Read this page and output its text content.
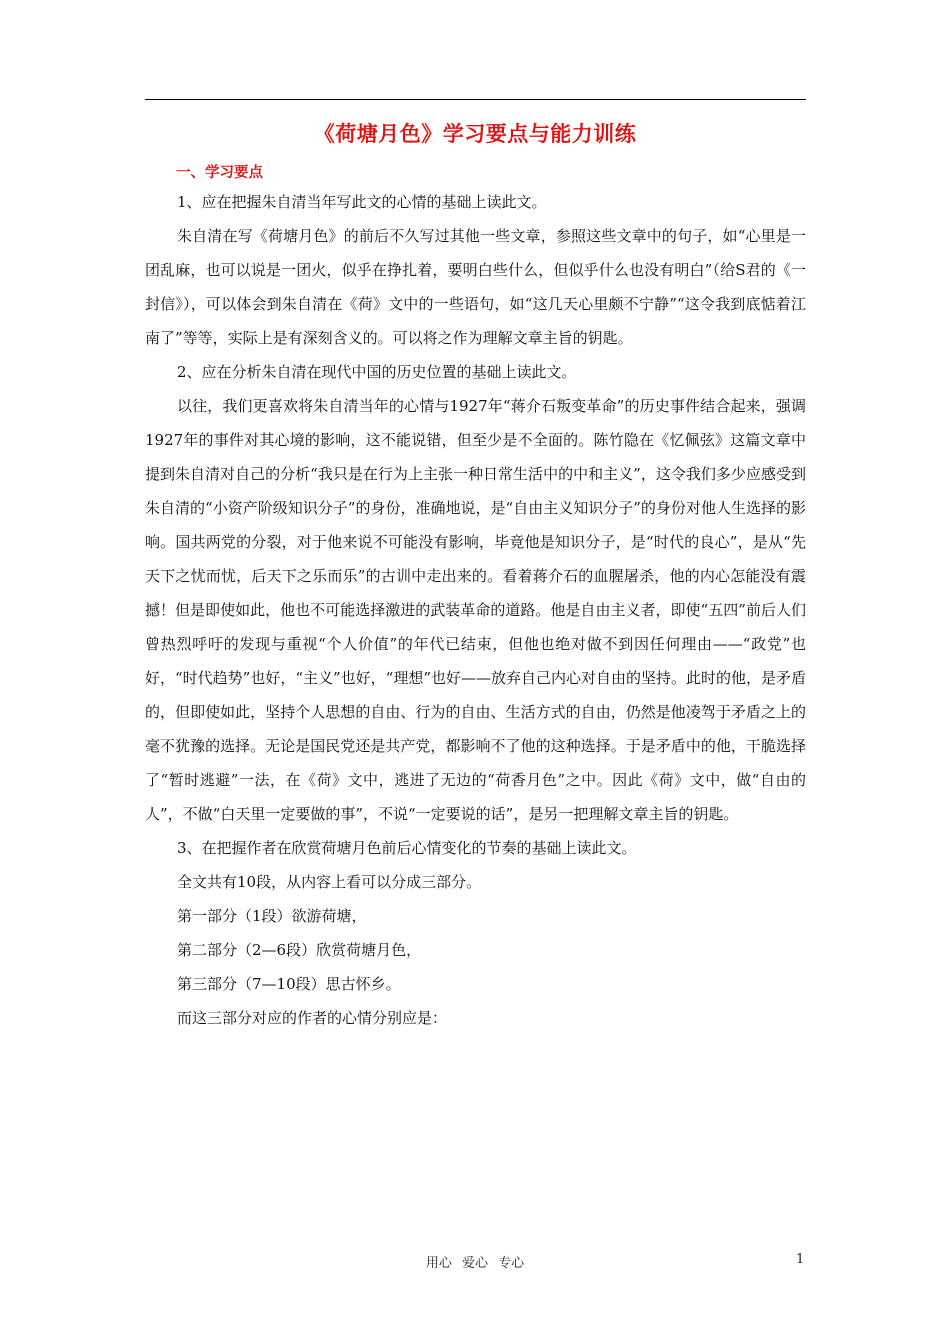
《荷塘月色》学习要点与能力训练
一、学习要点

1、应在把握朱自清当年写此文的心情的基础上读此文。

朱自清在写《荷塘月色》的前后不久写过其他一些文章，参照这些文章中的句子，如“心里是一团乱麻，也可以说是一团火，似乎在挣扎着，要明白些什么，但似乎什么也没有明白”（给S君的《一封信》），可以体会到朱自清在《荷》文中的一些语句，如“这几天心里颇不宁静”“这令我到底惦着江南了”等等，实际上是有深刻含义的。可以将之作为理解文章主旨的钥匙。

2、应在分析朱自清在现代中国的历史位置的基础上读此文。

以往，我们更喜欢将朱自清当年的心情与1927年“蒋介石叛变革命”的历史事件结合起来，强调1927年的事件对其心境的影响，这不能说错，但至少是不全面的。陈竹隐在《忆佩弦》这篇文章中提到朱自清对自己的分析“我只是在行为上主张一种日常生活中的中和主义”，这令我们多少应感受到朱自清的“小资产阶级知识分子”的身份，准确地说，是“自由主义知识分子”的身份对他人生选择的影响。国共两党的分裂，对于他来说不可能没有影响，毕竟他是知识分子，是“时代的良心”，是从“先天下之忧而忧，后天下之乐而乐”的古训中走出来的。看着蒋介石的血腥屠杀，他的内心怎能没有震撼！但是即使如此，他也不可能选择激进的武装革命的道路。他是自由主义者，即使“五四”前后人们曾热烈呼吁的发现与重视“个人价值”的年代已结束，但他也绝对做不到因任何理由——“政党”也好，“时代趋势”也好，“主义”也好，“理想”也好——放弃自己内心对自由的坚持。此时的他，是矛盾的，但即使如此，坚持个人思想的自由、行为的自由、生活方式的自由，仍然是他凌驾于矛盾之上的毫不犹豫的选择。无论是国民党还是共产党，都影响不了他的这种选择。于是矛盾中的他，干脆选择了“暂时逃避”一法，在《荷》文中，逃进了无边的“荷香月色”之中。因此《荷》文中，做“自由的人”，不做“白天里一定要做的事”，不说“一定要说的话”，是另一把理解文章主旨的钥匙。

3、在把握作者在欣赏荷塘月色前后心情变化的节奏的基础上读此文。

全文共有10段，从内容上看可以分成三部分。

第一部分（1段）欲游荷塘，

第二部分（2—6段）欣赏荷塘月色，

第三部分（7—10段）思古怀乡。

而这三部分对应的作者的心情分别应是：

用心 爱心 专心	1
